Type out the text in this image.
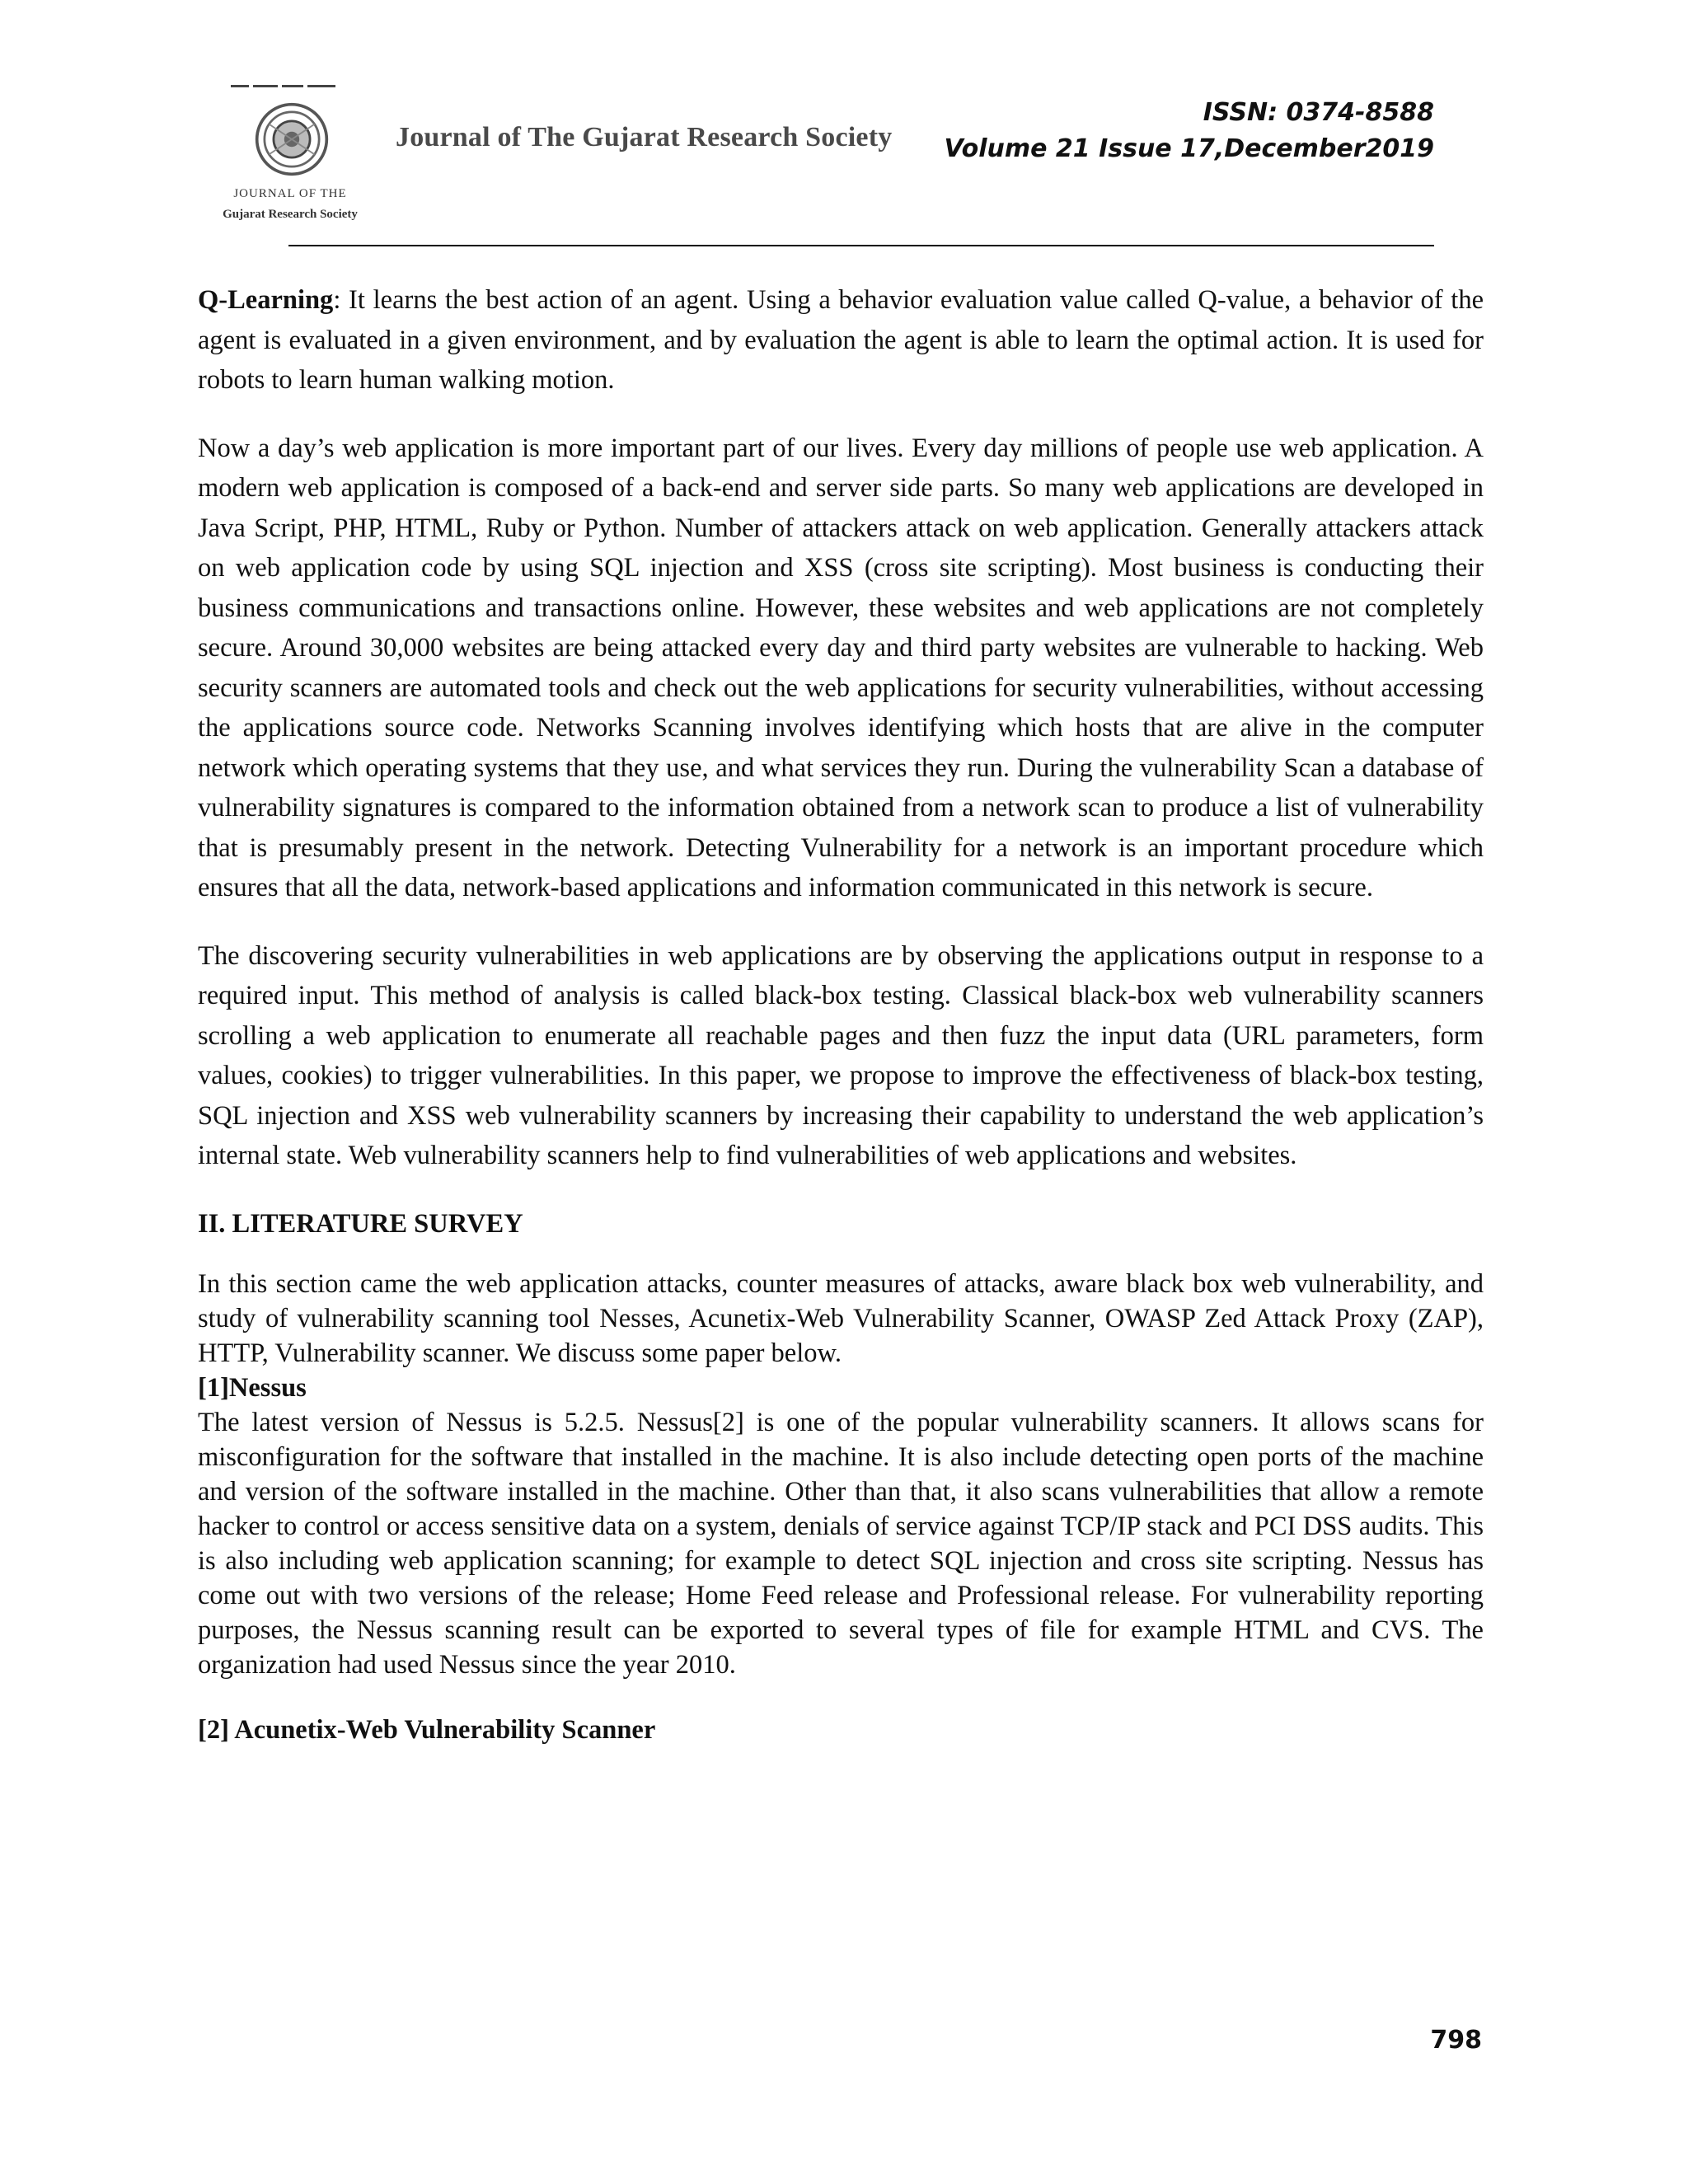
JOURNAL OF THE
Gujarat Research Society
Journal of The Gujarat Research Society
ISSN: 0374-8588
Volume 21 Issue 17,December2019

Q-Learning: It learns the best action of an agent. Using a behavior evaluation value called Q-value, a behavior of the agent is evaluated in a given environment, and by evaluation the agent is able to learn the optimal action. It is used for robots to learn human walking motion.

Now a day’s web application is more important part of our lives. Every day millions of people use web application. A modern web application is composed of a back-end and server side parts. So many web applications are developed in Java Script, PHP, HTML, Ruby or Python. Number of attackers attack on web application. Generally attackers attack on web application code by using SQL injection and XSS (cross site scripting). Most business is conducting their business communications and transactions online. However, these websites and web applications are not completely secure. Around 30,000 websites are being attacked every day and third party websites are vulnerable to hacking. Web security scanners are automated tools and check out the web applications for security vulnerabilities, without accessing the applications source code. Networks Scanning involves identifying which hosts that are alive in the computer network which operating systems that they use, and what services they run. During the vulnerability Scan a database of vulnerability signatures is compared to the information obtained from a network scan to produce a list of vulnerability that is presumably present in the network. Detecting Vulnerability for a network is an important procedure which ensures that all the data, network-based applications and information communicated in this network is secure.

The discovering security vulnerabilities in web applications are by observing the applications output in response to a required input. This method of analysis is called black-box testing. Classical black-box web vulnerability scanners scrolling a web application to enumerate all reachable pages and then fuzz the input data (URL parameters, form values, cookies) to trigger vulnerabilities. In this paper, we propose to improve the effectiveness of black-box testing, SQL injection and XSS web vulnerability scanners by increasing their capability to understand the web application’s internal state. Web vulnerability scanners help to find vulnerabilities of web applications and websites.

II. LITERATURE SURVEY

In this section came the web application attacks, counter measures of attacks, aware black box web vulnerability, and study of vulnerability scanning tool Nesses, Acunetix-Web Vulnerability Scanner, OWASP Zed Attack Proxy (ZAP), HTTP, Vulnerability scanner. We discuss some paper below.

[1]Nessus

The latest version of Nessus is 5.2.5. Nessus[2] is one of the popular vulnerability scanners. It allows scans for misconfiguration for the software that installed in the machine. It is also include detecting open ports of the machine and version of the software installed in the machine. Other than that, it also scans vulnerabilities that allow a remote hacker to control or access sensitive data on a system, denials of service against TCP/IP stack and PCI DSS audits. This is also including web application scanning; for example to detect SQL injection and cross site scripting. Nessus has come out with two versions of the release; Home Feed release and Professional release. For vulnerability reporting purposes, the Nessus scanning result can be exported to several types of file for example HTML and CVS. The organization had used Nessus since the year 2010.

[2] Acunetix-Web Vulnerability Scanner
798
